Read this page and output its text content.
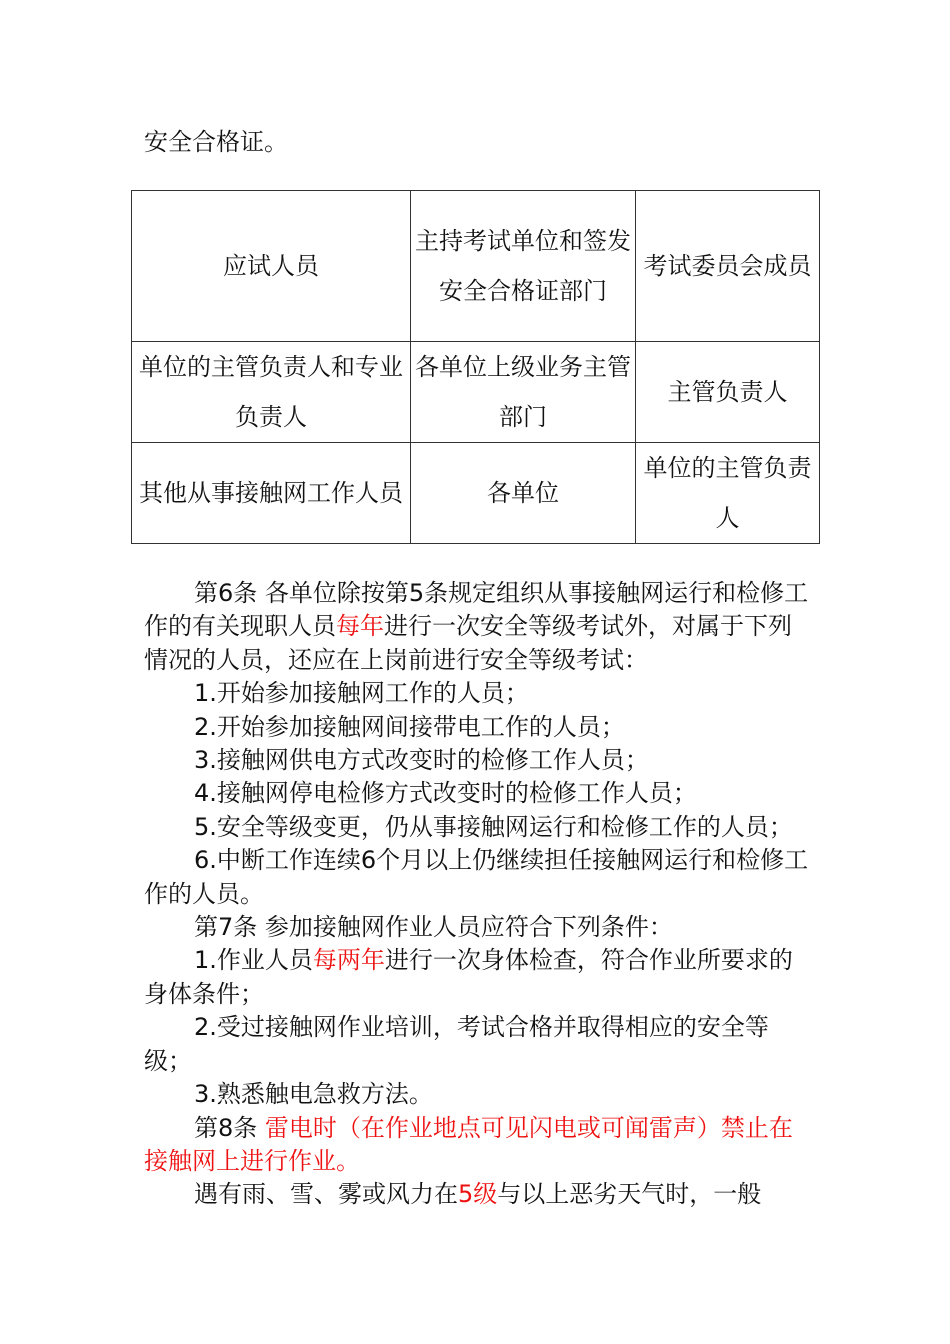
安全合格证。

应试人员	主持考试单位和签发安全合格证部门	考试委员会成员
单位的主管负责人和专业负责人	各单位上级业务主管部门	主管负责人
其他从事接触网工作人员	各单位	单位的主管负责人

第6条 各单位除按第5条规定组织从事接触网运行和检修工作的有关现职人员每年进行一次安全等级考试外，对属于下列情况的人员，还应在上岗前进行安全等级考试：

1.开始参加接触网工作的人员；

2.开始参加接触网间接带电工作的人员；

3.接触网供电方式改变时的检修工作人员；

4.接触网停电检修方式改变时的检修工作人员；

5.安全等级变更，仍从事接触网运行和检修工作的人员；

6.中断工作连续6个月以上仍继续担任接触网运行和检修工作的人员。

第7条 参加接触网作业人员应符合下列条件：

1.作业人员每两年进行一次身体检查，符合作业所要求的身体条件；

2.受过接触网作业培训，考试合格并取得相应的安全等级；

3.熟悉触电急救方法。

第8条 雷电时（在作业地点可见闪电或可闻雷声）禁止在接触网上进行作业。

遇有雨、雪、雾或风力在5级与以上恶劣天气时，一般
